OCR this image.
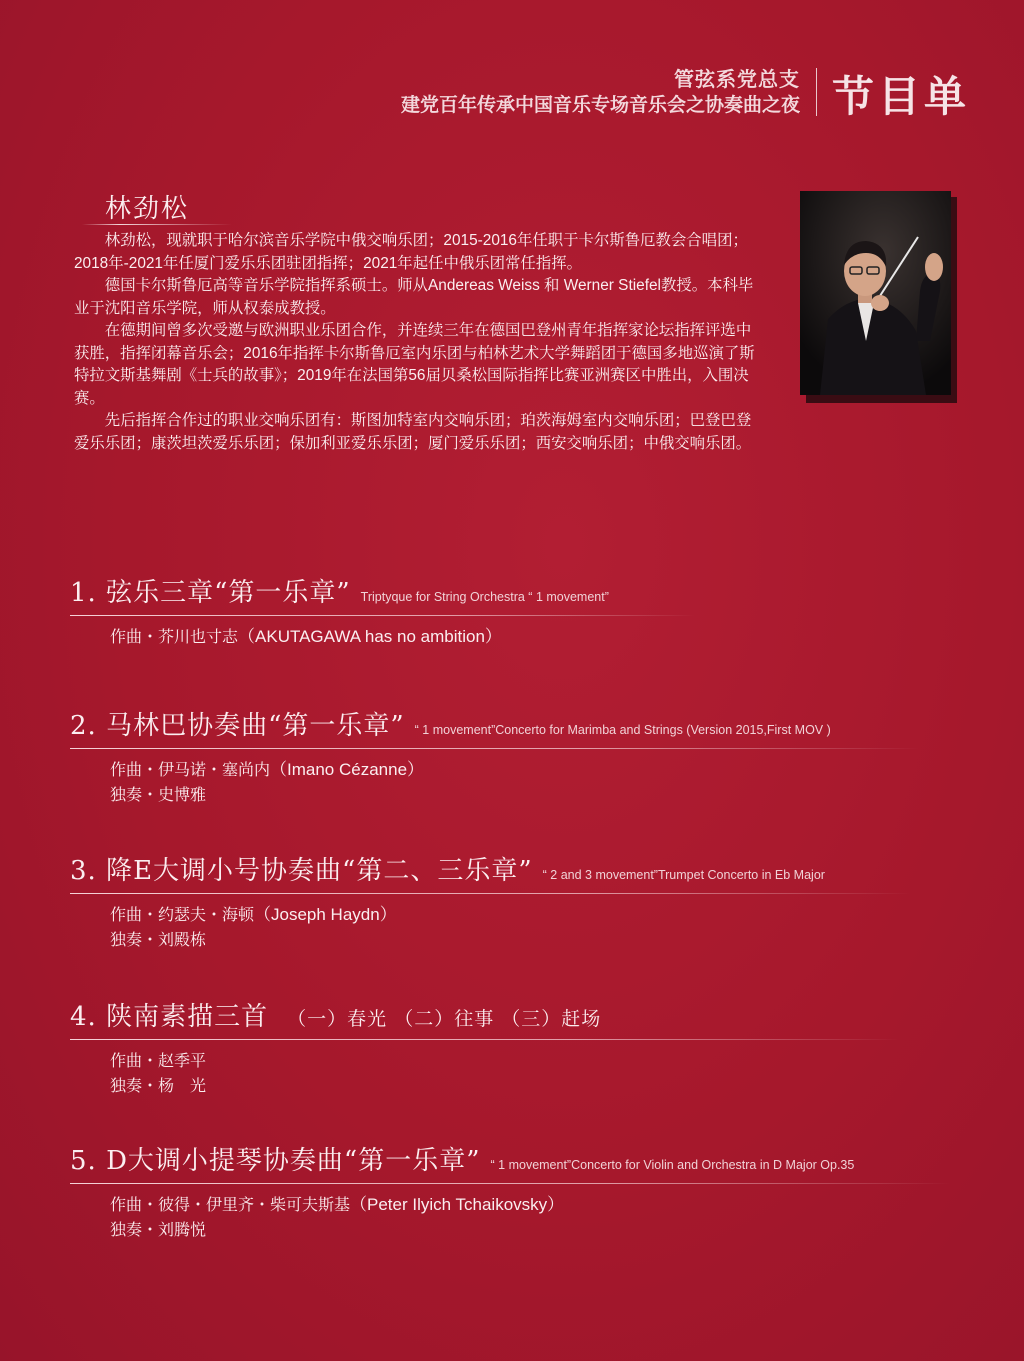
管弦系党总支
建党百年传承中国音乐专场音乐会之协奏曲之夜 节目单
林劲松

林劲松，现就职于哈尔滨音乐学院中俄交响乐团；2015-2016年任职于卡尔斯鲁厄教会合唱团；2018年-2021年任厦门爱乐乐团驻团指挥；2021年起任中俄乐团常任指挥。

德国卡尔斯鲁厄高等音乐学院指挥系硕士。师从Andereas Weiss 和 Werner Stiefel教授。本科毕业于沈阳音乐学院，师从权泰成教授。

在德期间曾多次受邀与欧洲职业乐团合作，并连续三年在德国巴登州青年指挥家论坛指挥评选中获胜，指挥闭幕音乐会；2016年指挥卡尔斯鲁厄室内乐团与柏林艺术大学舞蹈团于德国多地巡演了斯特拉文斯基舞剧《士兵的故事》；2019年在法国第56届贝桑松国际指挥比赛亚洲赛区中胜出，入围决赛。

先后指挥合作过的职业交响乐团有：斯图加特室内交响乐团；珀茨海姆室内交响乐团；巴登巴登爱乐乐团；康茨坦茨爱乐乐团；保加利亚爱乐乐团；厦门爱乐乐团；西安交响乐团；中俄交响乐团。

1. 弦乐三章“第一乐章” Triptyque for String Orchestra “ 1 movement”
作曲・芥川也寸志（AKUTAGAWA has no ambition）
2. 马林巴协奏曲“第一乐章” “ 1 movement”Concerto for Marimba and Strings (Version 2015,First MOV )
作曲・伊马诺・塞尚内（Imano Cézanne）
独奏・史博雅
3. 降E大调小号协奏曲“第二、三乐章” “ 2 and 3 movement”Trumpet Concerto in Eb Major
作曲・约瑟夫・海顿（Joseph Haydn）
独奏・刘殿栋
4. 陕南素描三首 （一）春光 （二）往事 （三）赶场
作曲・赵季平
独奏・杨　光
5. D大调小提琴协奏曲“第一乐章” “ 1 movement”Concerto for Violin and Orchestra in D Major Op.35
作曲・彼得・伊里齐・柴可夫斯基（Peter Ilyich Tchaikovsky）
独奏・刘腾悦
